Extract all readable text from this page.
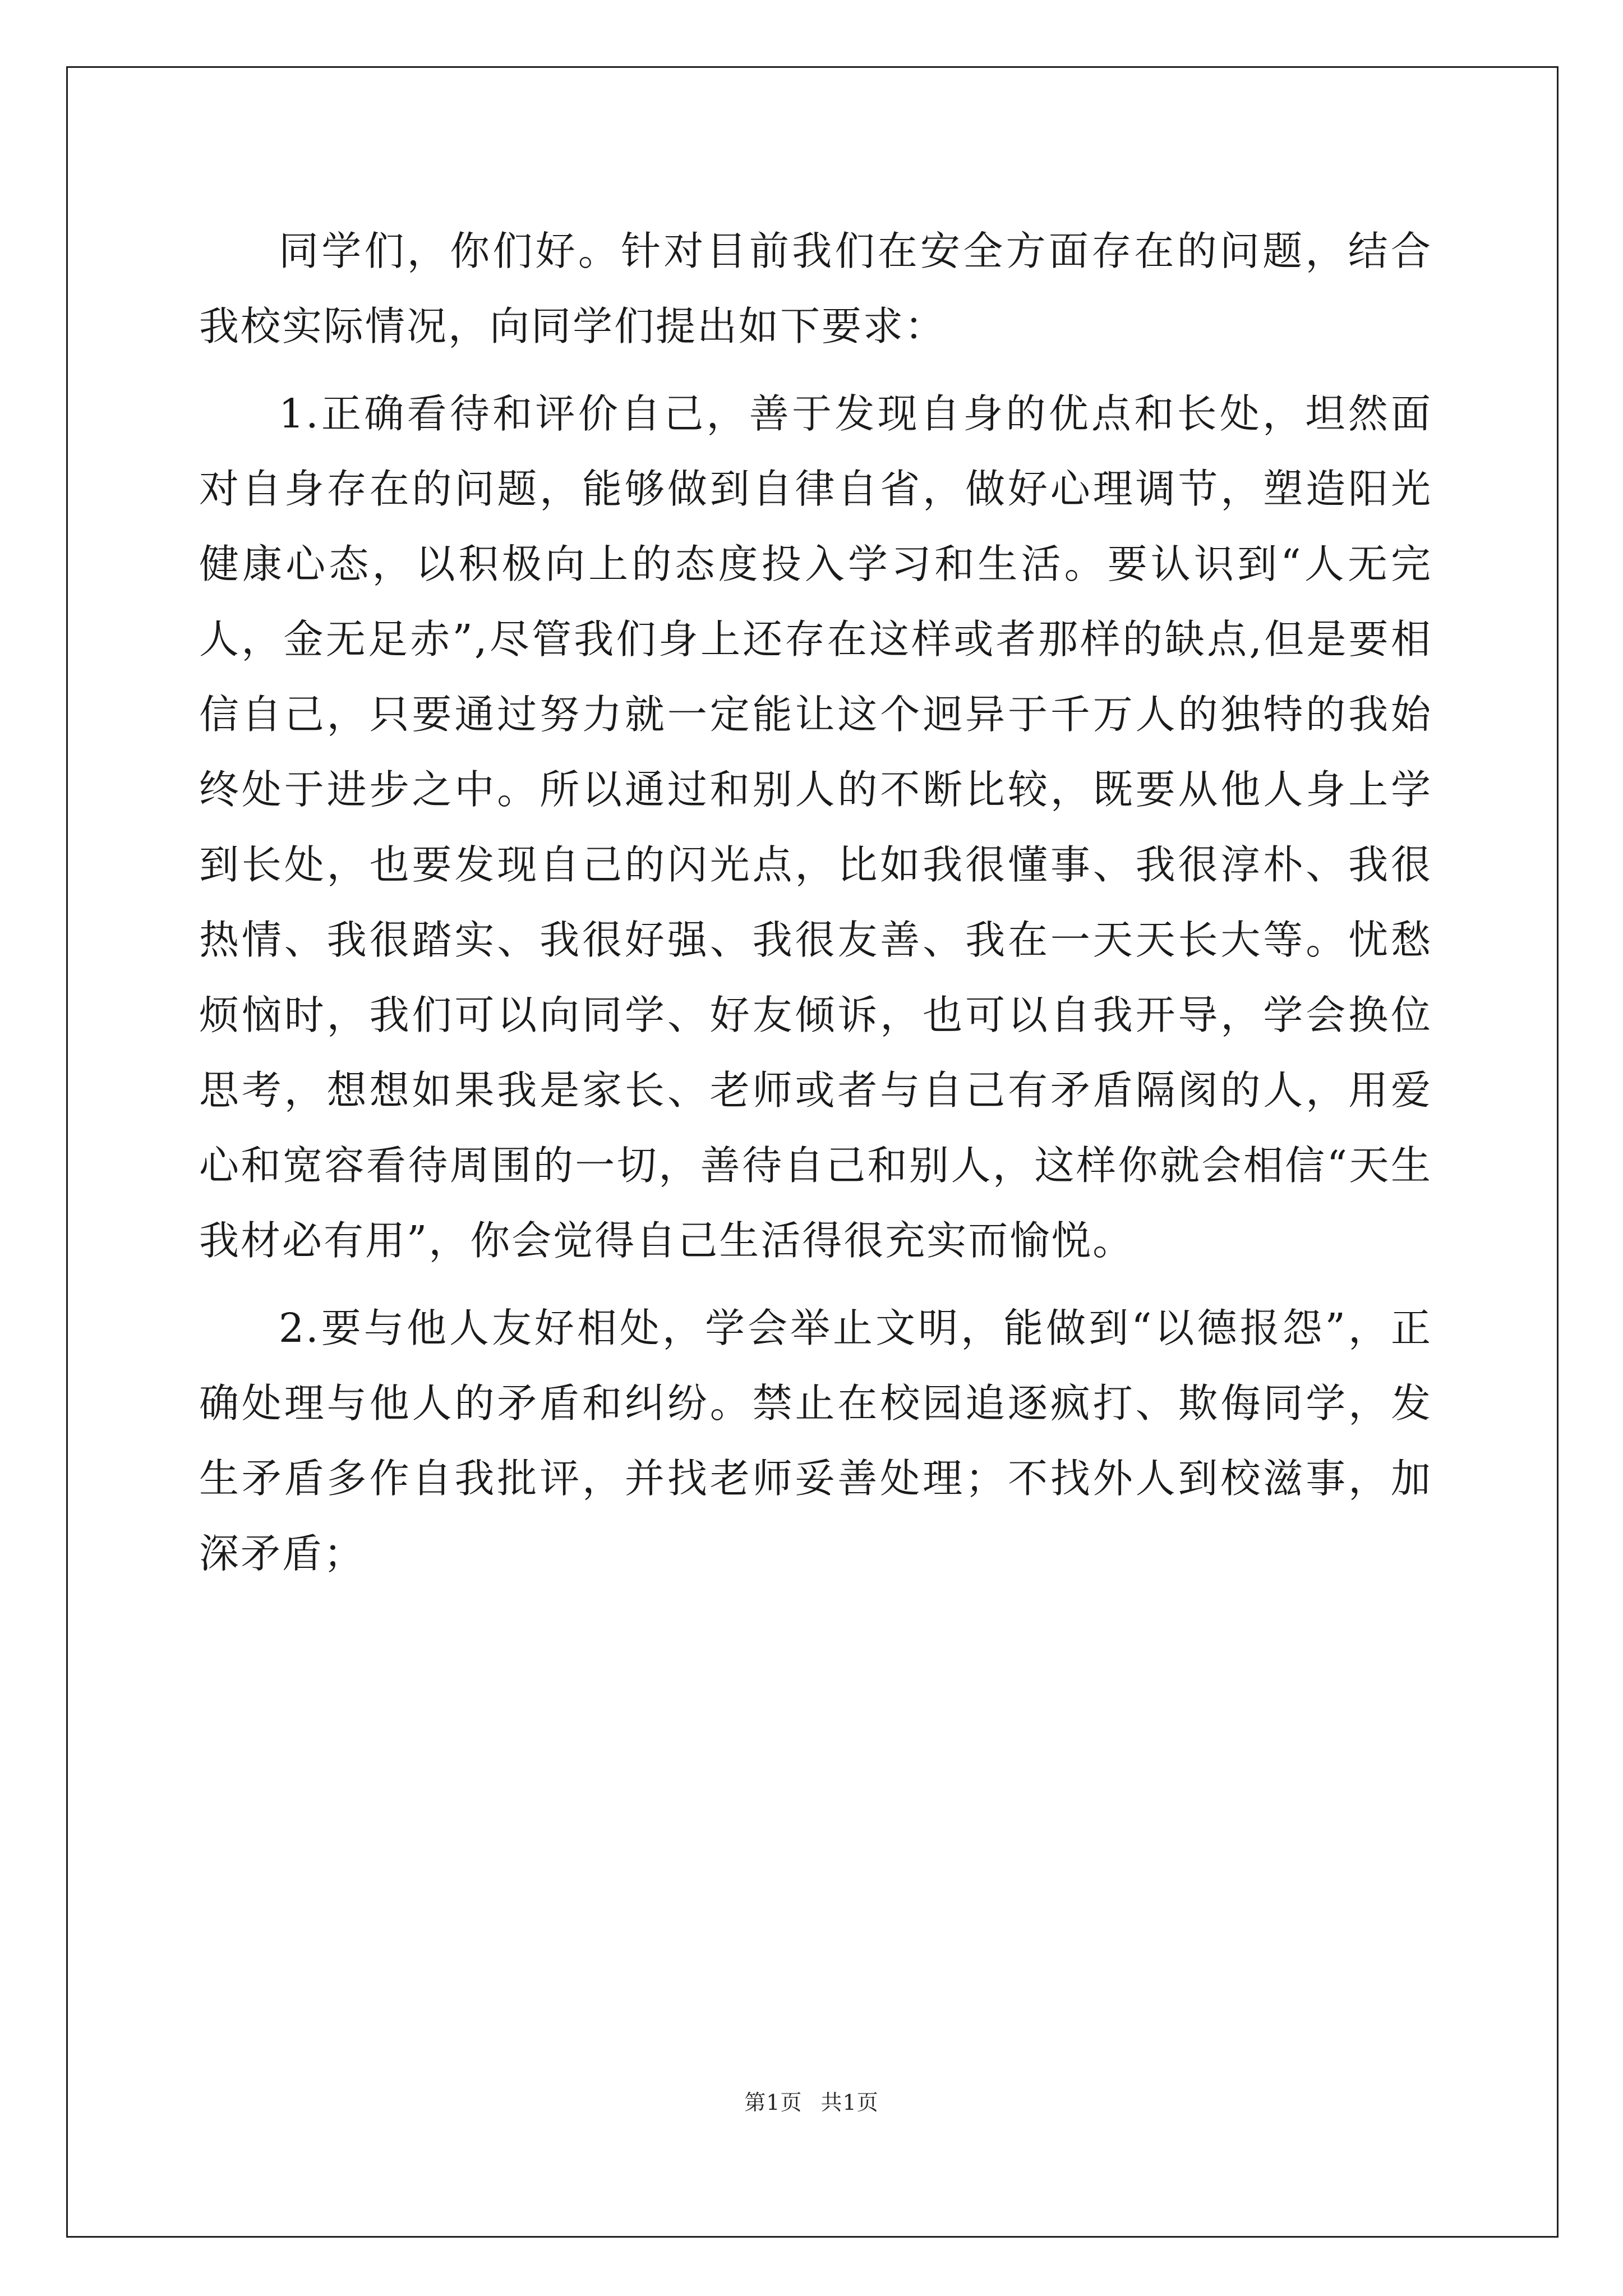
同学们，你们好。针对目前我们在安全方面存在的问题，结合我校实际情况，向同学们提出如下要求：

1.正确看待和评价自己，善于发现自身的优点和长处，坦然面对自身存在的问题，能够做到自律自省，做好心理调节，塑造阳光健康心态，以积极向上的态度投入学习和生活。要认识到“人无完人，金无足赤”,尽管我们身上还存在这样或者那样的缺点,但是要相信自己，只要通过努力就一定能让这个迥异于千万人的独特的我始终处于进步之中。所以通过和别人的不断比较，既要从他人身上学到长处，也要发现自己的闪光点，比如我很懂事、我很淳朴、我很热情、我很踏实、我很好强、我很友善、我在一天天长大等。忧愁烦恼时，我们可以向同学、好友倾诉，也可以自我开导，学会换位思考，想想如果我是家长、老师或者与自己有矛盾隔阂的人，用爱心和宽容看待周围的一切，善待自己和别人，这样你就会相信“天生我材必有用”，你会觉得自己生活得很充实而愉悦。

2.要与他人友好相处，学会举止文明，能做到“以德报怨”，正确处理与他人的矛盾和纠纷。禁止在校园追逐疯打、欺侮同学，发生矛盾多作自我批评，并找老师妥善处理；不找外人到校滋事，加深矛盾；

第1页 共1页
